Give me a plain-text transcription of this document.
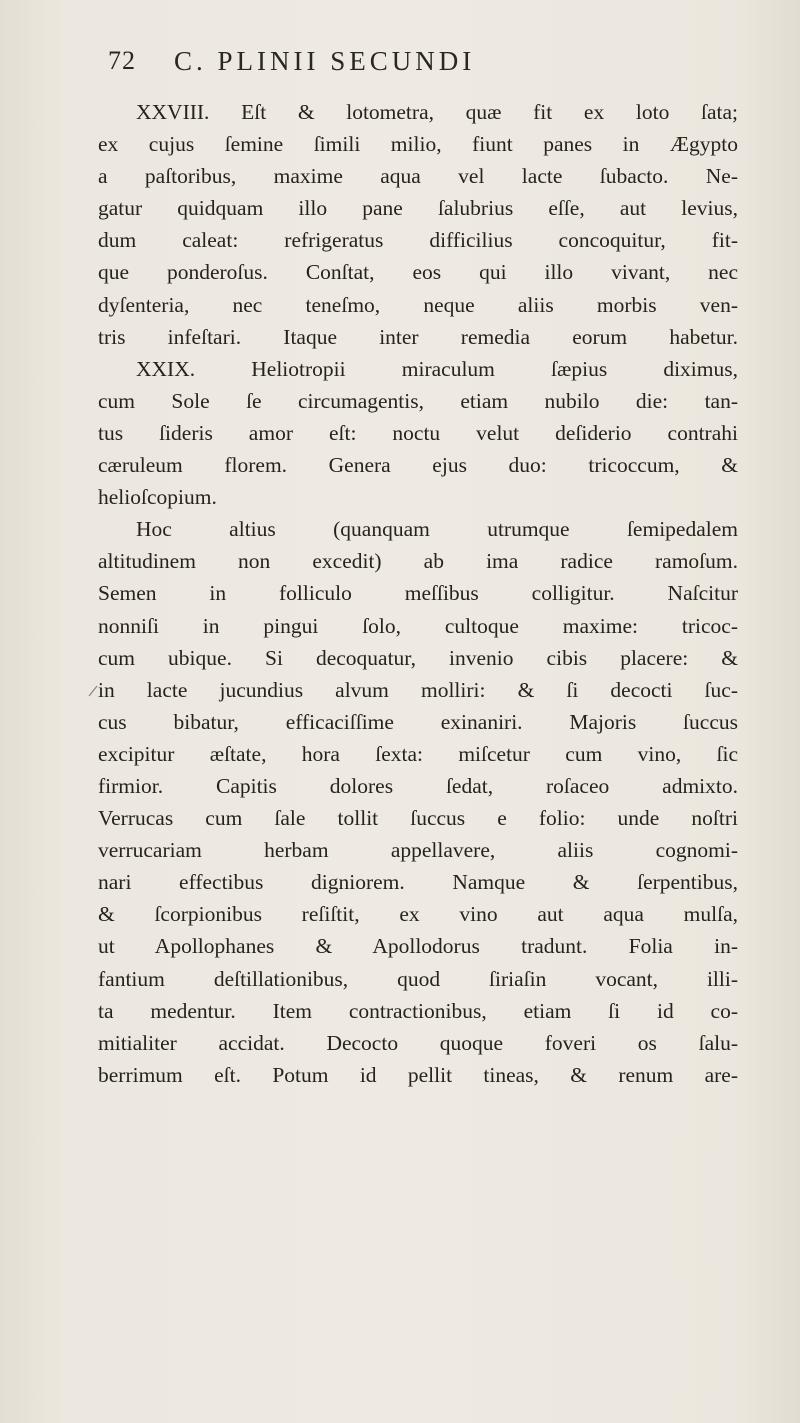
72 C. PLINII SECUNDI
XXVIII. Eſt & lotometra, quæ fit ex loto ſata;
ex cujus ſemine ſimili milio, fiunt panes in Ægypto
a paſtoribus, maxime aqua vel lacte ſubacto. Ne-
gatur quidquam illo pane ſalubrius eſſe, aut levius,
dum caleat: refrigeratus difficilius concoquitur, fit-
que ponderoſus. Conſtat, eos qui illo vivant, nec
dyſenteria, nec teneſmo, neque aliis morbis ven-
tris infeſtari. Itaque inter remedia eorum habetur.
XXIX. Heliotropii miraculum ſæpius diximus,
cum Sole ſe circumagentis, etiam nubilo die: tan-
tus ſideris amor eſt: noctu velut deſiderio contrahi
cæruleum florem. Genera ejus duo: tricoccum, &
helioſcopium.
Hoc altius (quanquam utrumque ſemipedalem
altitudinem non excedit) ab ima radice ramoſum.
Semen in folliculo meſſibus colligitur. Naſcitur
nonniſi in pingui ſolo, cultoque maxime: tricoc-
cum ubique. Si decoquatur, invenio cibis placere: &
in lacte jucundius alvum molliri: & ſi decocti ſuc-
cus bibatur, efficaciſſime exinaniri. Majoris ſuccus
excipitur æſtate, hora ſexta: miſcetur cum vino, ſic
firmior. Capitis dolores ſedat, roſaceo admixto.
Verrucas cum ſale tollit ſuccus e folio: unde noſtri
verrucariam herbam appellavere, aliis cognomi-
nari effectibus digniorem. Namque & ſerpentibus,
& ſcorpionibus reſiſtit, ex vino aut aqua mulſa,
ut Apollophanes & Apollodorus tradunt. Folia in-
fantium deſtillationibus, quod ſiriaſin vocant, illi-
ta medentur. Item contractionibus, etiam ſi id co-
mitialiter accidat. Decocto quoque foveri os ſalu-
berrimum eſt. Potum id pellit tineas, & renum are-
